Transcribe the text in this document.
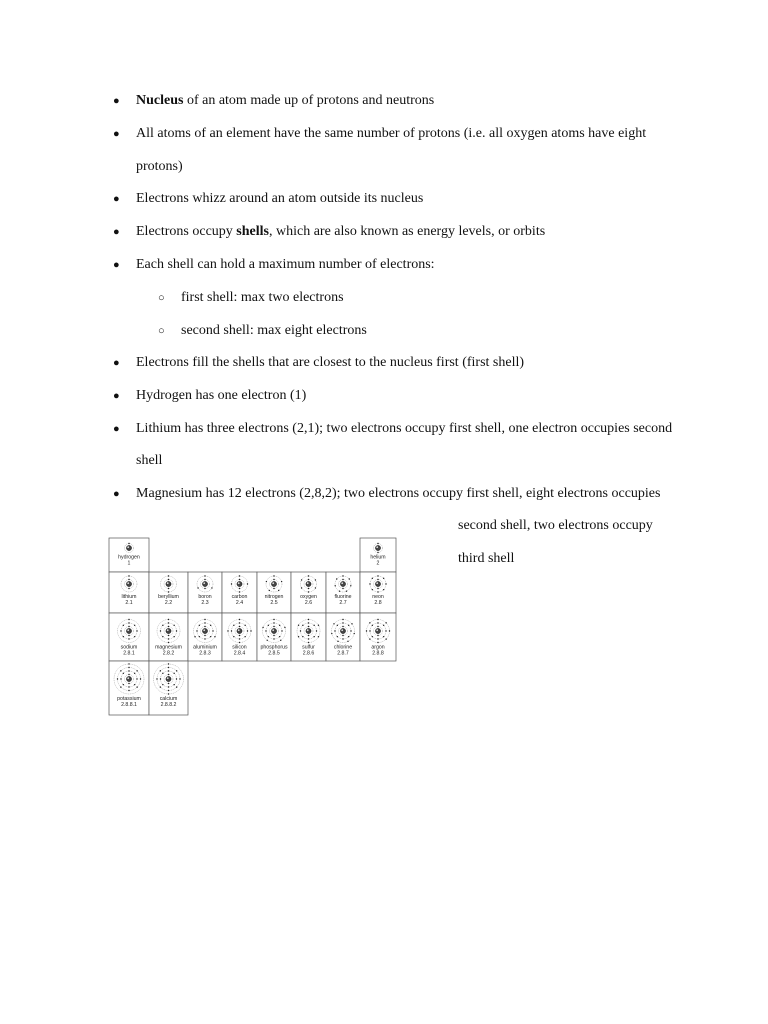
● Nucleus of an atom made up of protons and neutrons
● All atoms of an element have the same number of protons (i.e. all oxygen atoms have eight
protons)
● Electrons whizz around an atom outside its nucleus
● Electrons occupy shells, which are also known as energy levels, or orbits
● Each shell can hold a maximum number of electrons:
○ first shell: max two electrons
○ second shell: max eight electrons
● Electrons fill the shells that are closest to the nucleus first (first shell)
● Hydrogen has one electron (1)
● Lithium has three electrons (2,1); two electrons occupy first shell, one electron occupies second
shell
● Magnesium has 12 electrons (2,8,2); two electrons occupy first shell, eight electrons occupies
second shell, two electrons occupy
third shell
hydrogen
1
helium
2
lithium
2.1
beryllium
2.2
boron
2.3
carbon
2.4
nitrogen
2.5
oxygen
2.6
fluorine
2.7
neon
2.8
sodium
2.8.1
magnesium
2.8.2
aluminium
2.8.3
silicon
2.8.4
phosphorus
2.8.5
sulfur
2.8.6
chlorine
2.8.7
argon
2.8.8
potassium
2.8.8.1
calcium
2.8.8.2
